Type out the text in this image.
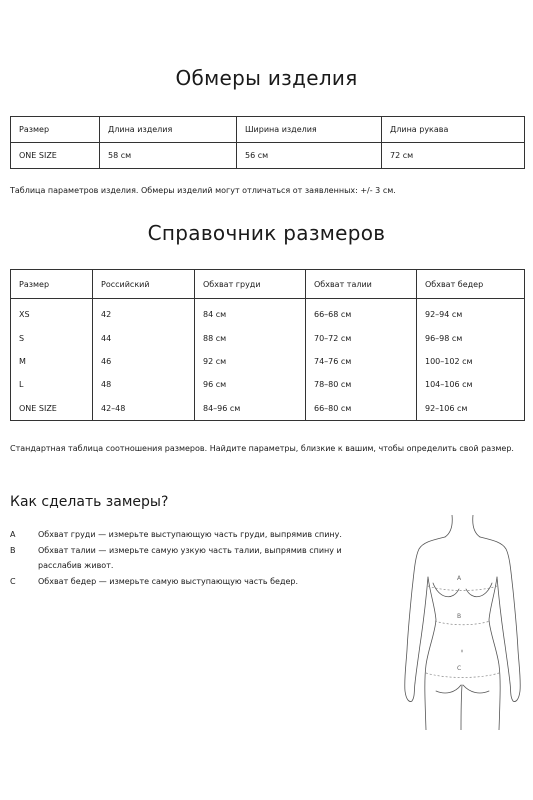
Обмеры изделия
Размер	Длина изделия	Ширина изделия	Длина рукава
ONE SIZE	58 см	56 см	72 см
Таблица параметров изделия. Обмеры изделий могут отличаться от заявленных: +/- 3 см.
Справочник размеров
Размер	Российский	Обхват груди	Обхват талии	Обхват бедер
XS	42	84 см	66–68 см	92–94 см
S	44	88 см	70–72 см	96–98 см
M	46	92 см	74–76 см	100–102 см
L	48	96 см	78–80 см	104–106 см
ONE SIZE	42–48	84–96 см	66–80 см	92–106 см
Стандартная таблица соотношения размеров. Найдите параметры, близкие к вашим, чтобы определить свой размер.
Как сделать замеры?
A	Обхват груди — измерьте выступающую часть груди, выпрямив спину.
B	Обхват талии — измерьте самую узкую часть талии, выпрямив спину и расслабив живот.
C	Обхват бедер — измерьте самую выступающую часть бедер.	A
B
C
